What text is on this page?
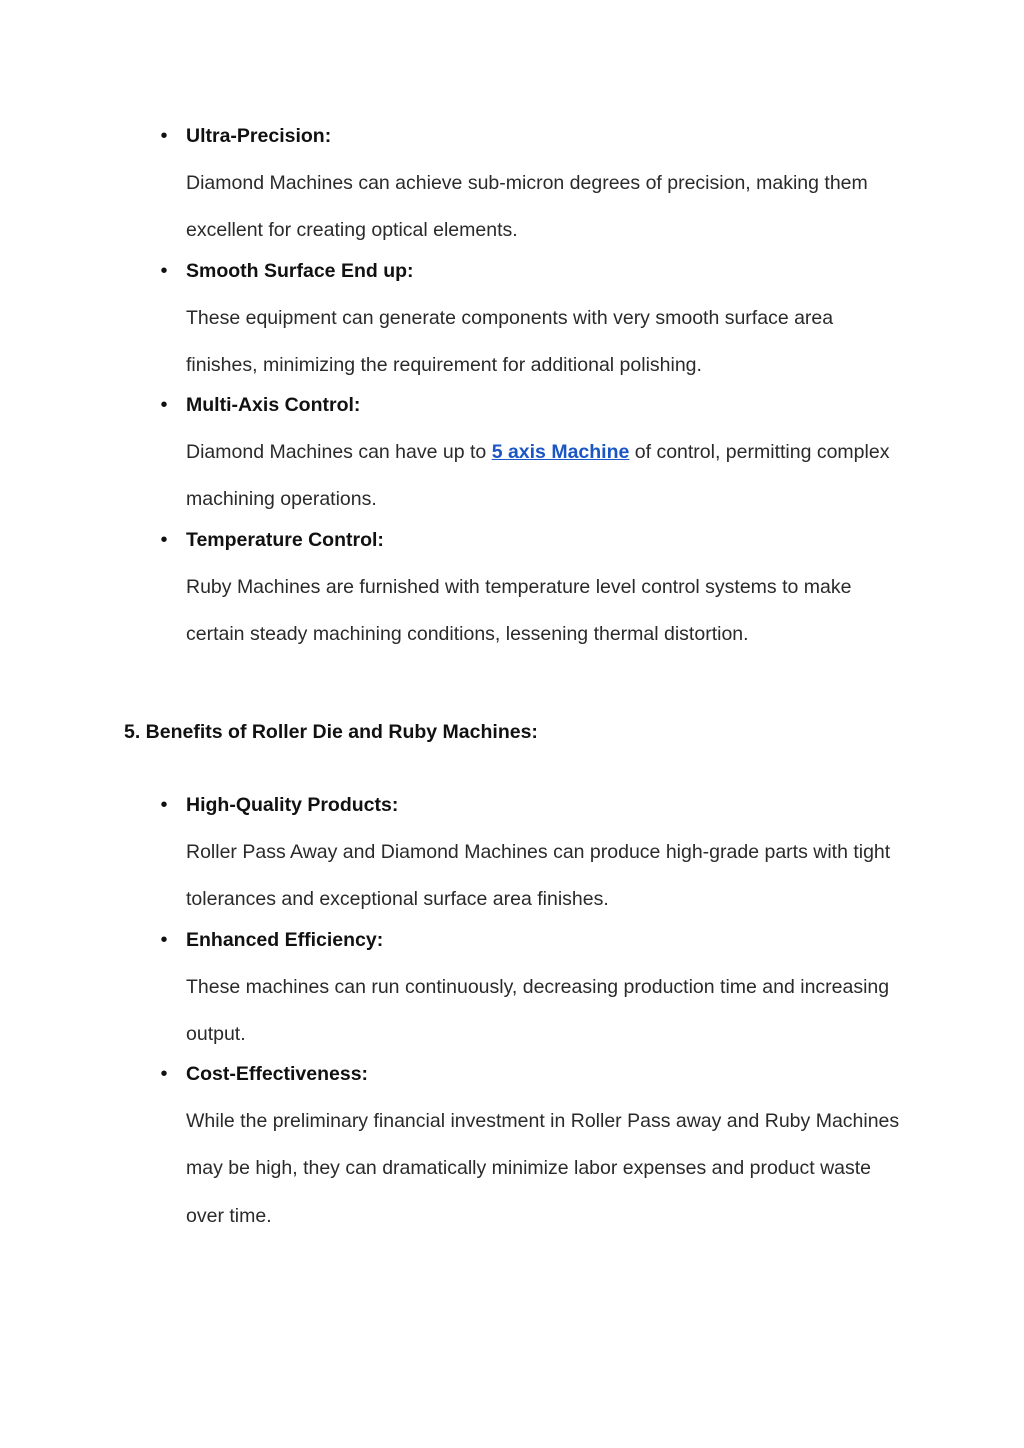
• Ultra-Precision:
Diamond Machines can achieve sub-micron degrees of precision, making them excellent for creating optical elements.
• Smooth Surface End up:
These equipment can generate components with very smooth surface area finishes, minimizing the requirement for additional polishing.
• Multi-Axis Control:
Diamond Machines can have up to 5 axis Machine of control, permitting complex machining operations.
• Temperature Control:
Ruby Machines are furnished with temperature level control systems to make certain steady machining conditions, lessening thermal distortion.
5. Benefits of Roller Die and Ruby Machines:
• High-Quality Products:
Roller Pass Away and Diamond Machines can produce high-grade parts with tight tolerances and exceptional surface area finishes.
• Enhanced Efficiency:
These machines can run continuously, decreasing production time and increasing output.
• Cost-Effectiveness:
While the preliminary financial investment in Roller Pass away and Ruby Machines may be high, they can dramatically minimize labor expenses and product waste over time.
